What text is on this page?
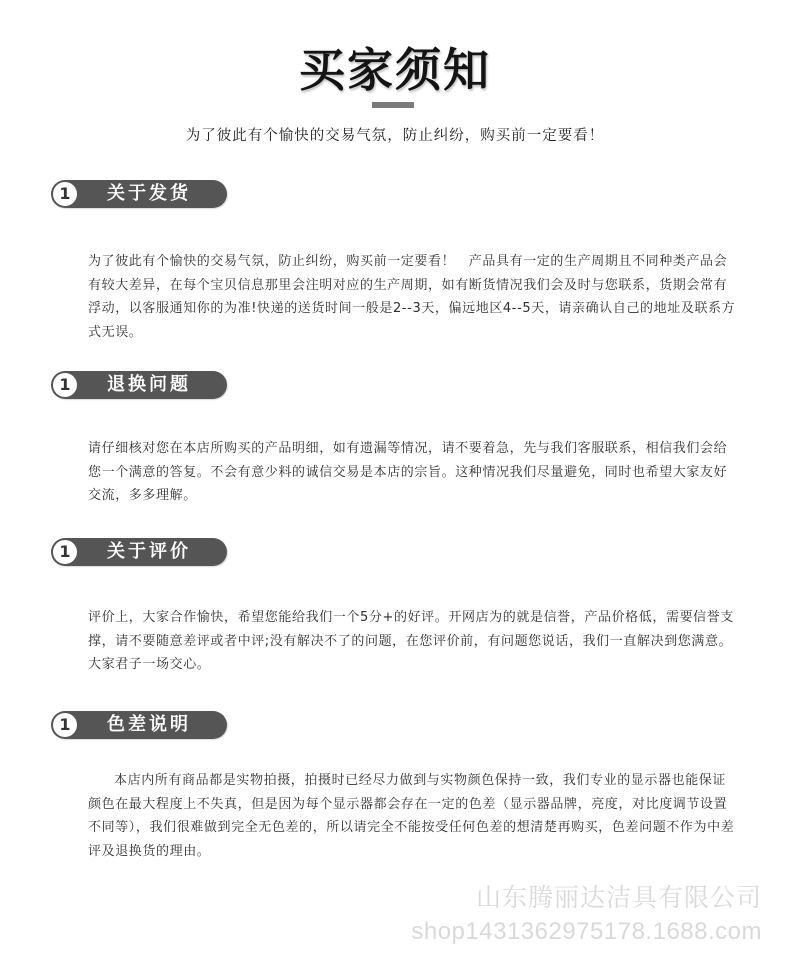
买家须知
为了彼此有个愉快的交易气氛，防止纠纷，购买前一定要看！
1	关于发货

为了彼此有个愉快的交易气氛，防止纠纷，购买前一定要看！　产品具有一定的生产周期且不同种类产品会有较大差异，在每个宝贝信息那里会注明对应的生产周期，如有断货情况我们会及时与您联系，货期会常有浮动，以客服通知你的为准!快递的送货时间一般是2--3天，偏远地区4--5天，请亲确认自己的地址及联系方式无误。

1	退换问题

请仔细核对您在本店所购买的产品明细，如有遗漏等情况，请不要着急，先与我们客服联系，相信我们会给您一个满意的答复。不会有意少料的诚信交易是本店的宗旨。这种情况我们尽量避免，同时也希望大家友好交流，多多理解。

1	关于评价

评价上，大家合作愉快，希望您能给我们一个5分+的好评。开网店为的就是信誉，产品价格低，需要信誉支撑，请不要随意差评或者中评;没有解决不了的问题，在您评价前，有问题您说话，我们一直解决到您满意。大家君子一场交心。

1	色差说明

本店内所有商品都是实物拍摄，拍摄时已经尽力做到与实物颜色保持一致，我们专业的显示器也能保证颜色在最大程度上不失真，但是因为每个显示器都会存在一定的色差（显示器品牌，亮度，对比度调节设置不同等），我们很难做到完全无色差的，所以请完全不能按受任何色差的想清楚再购买，色差问题不作为中差评及退换货的理由。

山东腾丽达洁具有限公司
shop1431362975178.1688.com
